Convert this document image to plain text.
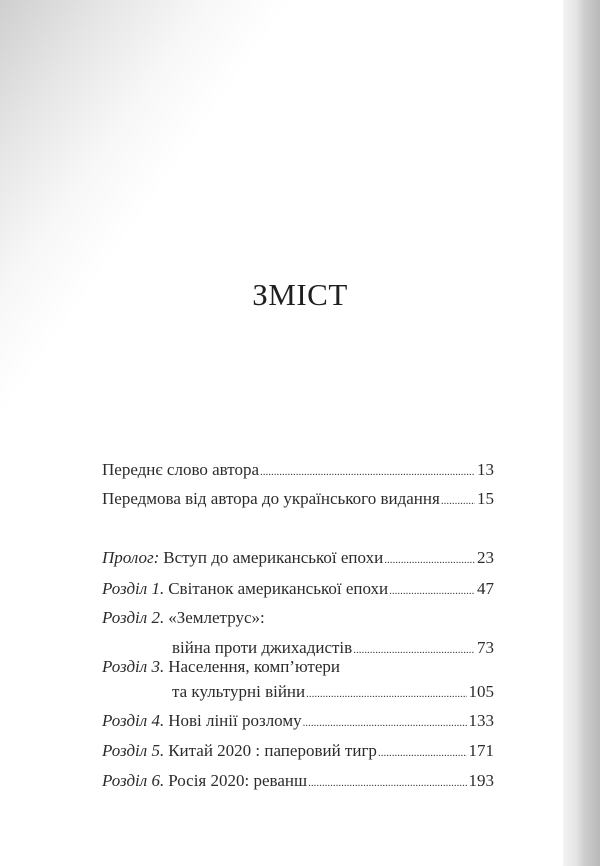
ЗМІСТ
Переднє слово автора .....	13
Передмова від автора до українського видання ..... 15
Пролог: Вступ до американської епохи .....	23
Розділ 1. Світанок американської епохи .....	47
Розділ 2. «Землетрус»:
війна проти джихадистів .....	73
Розділ 3. Населення, комп’ютери
та культурні війни .....	105
Розділ 4. Нові лінії розлому .....	133
Розділ 5. Китай 2020 : паперовий тигр .....	171
Розділ 6. Росія 2020: реванш .....	193
